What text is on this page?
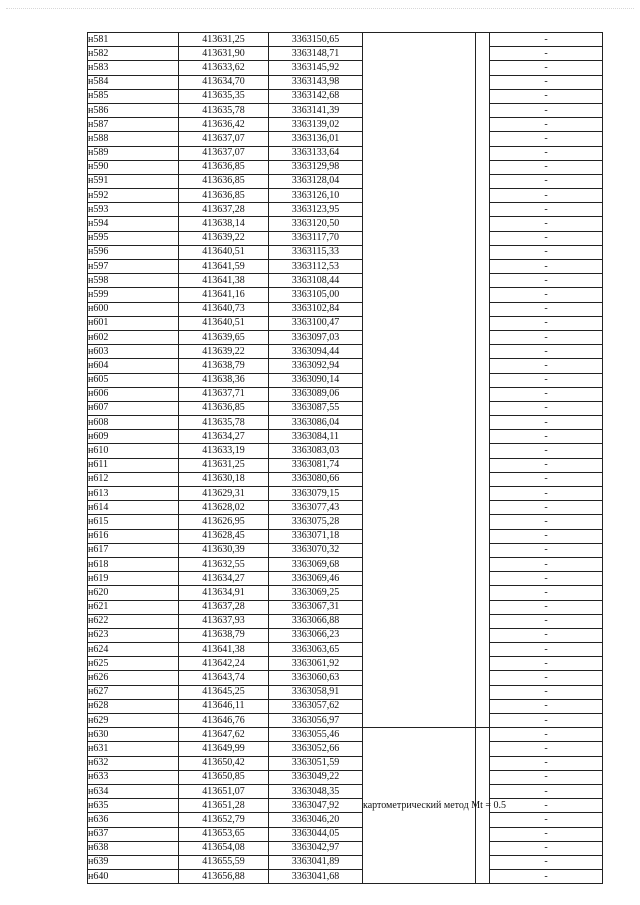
н581	413631,25	3363150,65			-
н582	413631,90	3363148,71			-
н583	413633,62	3363145,92			-
н584	413634,70	3363143,98			-
н585	413635,35	3363142,68			-
н586	413635,78	3363141,39			-
н587	413636,42	3363139,02			-
н588	413637,07	3363136,01			-
н589	413637,07	3363133,64			-
н590	413636,85	3363129,98			-
н591	413636,85	3363128,04			-
н592	413636,85	3363126,10			-
н593	413637,28	3363123,95			-
н594	413638,14	3363120,50			-
н595	413639,22	3363117,70			-
н596	413640,51	3363115,33			-
н597	413641,59	3363112,53			-
н598	413641,38	3363108,44			-
н599	413641,16	3363105,00			-
н600	413640,73	3363102,84			-
н601	413640,51	3363100,47			-
н602	413639,65	3363097,03			-
н603	413639,22	3363094,44			-
н604	413638,79	3363092,94			-
н605	413638,36	3363090,14			-
н606	413637,71	3363089,06			-
н607	413636,85	3363087,55			-
н608	413635,78	3363086,04			-
н609	413634,27	3363084,11			-
н610	413633,19	3363083,03			-
н611	413631,25	3363081,74			-
н612	413630,18	3363080,66			-
н613	413629,31	3363079,15			-
н614	413628,02	3363077,43			-
н615	413626,95	3363075,28			-
н616	413628,45	3363071,18			-
н617	413630,39	3363070,32			-
н618	413632,55	3363069,68			-
н619	413634,27	3363069,46			-
н620	413634,91	3363069,25			-
н621	413637,28	3363067,31			-
н622	413637,93	3363066,88			-
н623	413638,79	3363066,23			-
н624	413641,38	3363063,65			-
н625	413642,24	3363061,92			-
н626	413643,74	3363060,63			-
н627	413645,25	3363058,91			-
н628	413646,11	3363057,62			-
н629	413646,76	3363056,97			-
н630	413647,62	3363055,46	картометрический метод Mt = 0.5		-
н631	413649,99	3363052,66			-
н632	413650,42	3363051,59			-
н633	413650,85	3363049,22			-
н634	413651,07	3363048,35			-
н635	413651,28	3363047,92			-
н636	413652,79	3363046,20			-
н637	413653,65	3363044,05			-
н638	413654,08	3363042,97			-
н639	413655,59	3363041,89			-
н640	413656,88	3363041,68			-
